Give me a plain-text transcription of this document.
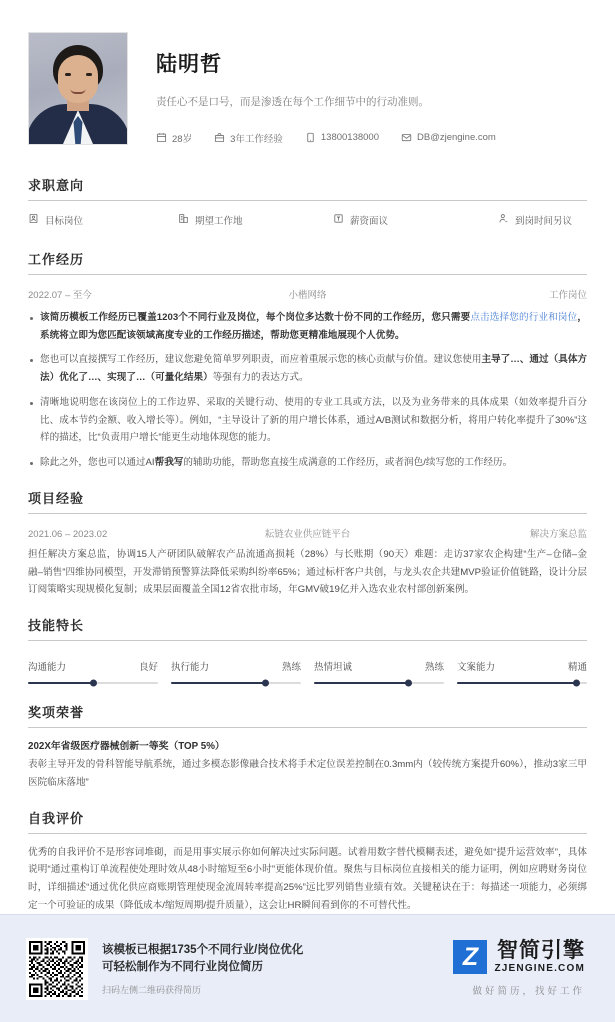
陆明哲
责任心不是口号，而是渗透在每个工作细节中的行动准则。
28岁	3年工作经验	13800138000	DB@zjengine.com
求职意向
目标岗位	期望工作地	薪资面议	到岗时间另议
工作经历
2022.07 – 至今	小楷网络	工作岗位
该简历模板工作经历已覆盖1203个不同行业及岗位，每个岗位多达数十份不同的工作经历，您只需要点击选择您的行业和岗位，系统将立即为您匹配该领域高度专业的工作经历描述，帮助您更精准地展现个人优势。
您也可以直接撰写工作经历，建议您避免简单罗列职责，而应着重展示您的核心贡献与价值。建议您使用主导了…、通过（具体方法）优化了…、实现了…（可量化结果）等强有力的表达方式。
清晰地说明您在该岗位上的工作边界、采取的关键行动、使用的专业工具或方法，以及为业务带来的具体成果（如效率提升百分比、成本节约金额、收入增长等）。例如，“主导设计了新的用户增长体系，通过A/B测试和数据分析，将用户转化率提升了30%”这样的描述，比“负责用户增长”能更生动地体现您的能力。
除此之外，您也可以通过AI帮我写的辅助功能，帮助您直接生成满意的工作经历，或者润色/续写您的工作经历。
项目经验
2021.06 – 2023.02	耘链农业供应链平台	解决方案总监

担任解决方案总监，协调15人产研团队破解农产品流通高损耗（28%）与长账期（90天）难题：走访37家农企构建“生产–仓储–金融–销售”四维协同模型，开发滞销预警算法降低采购纠纷率65%；通过标杆客户共创，与龙头农企共建MVP验证价值链路，设计分层订阅策略实现规模化复制；成果层面覆盖全国12省农批市场，年GMV破19亿并入选农业农村部创新案例。

技能特长
沟通能力	良好 执行能力	熟练 热情坦诚	熟练 文案能力	精通
奖项荣誉
202X年省级医疗器械创新一等奖（TOP 5%）

表彰主导开发的骨科智能导航系统，通过多模态影像融合技术将手术定位误差控制在0.3mm内（较传统方案提升60%），推动3家三甲医院临床落地”

自我评价

优秀的自我评价不是形容词堆砌，而是用事实展示你如何解决过实际问题。试着用数字替代模糊表述，避免如“提升运营效率”，具体说明“通过重构订单流程使处理时效从48小时缩短至6小时”更能体现价值。聚焦与目标岗位直接相关的能力证明，例如应聘财务岗位时，详细描述“通过优化供应商账期管理使现金流周转率提高25%”远比罗列销售业绩有效。关键秘诀在于：每描述一项能力，必须绑定一个可验证的成果（降低成本/缩短周期/提升质量），这会让HR瞬间看到你的不可替代性。

该模板已根据1735个不同行业/岗位优化
可轻松制作为不同行业岗位简历
扫码左侧二维码获得简历
Z 智简引擎
ZJENGINE.COM
做好简历，找好工作
